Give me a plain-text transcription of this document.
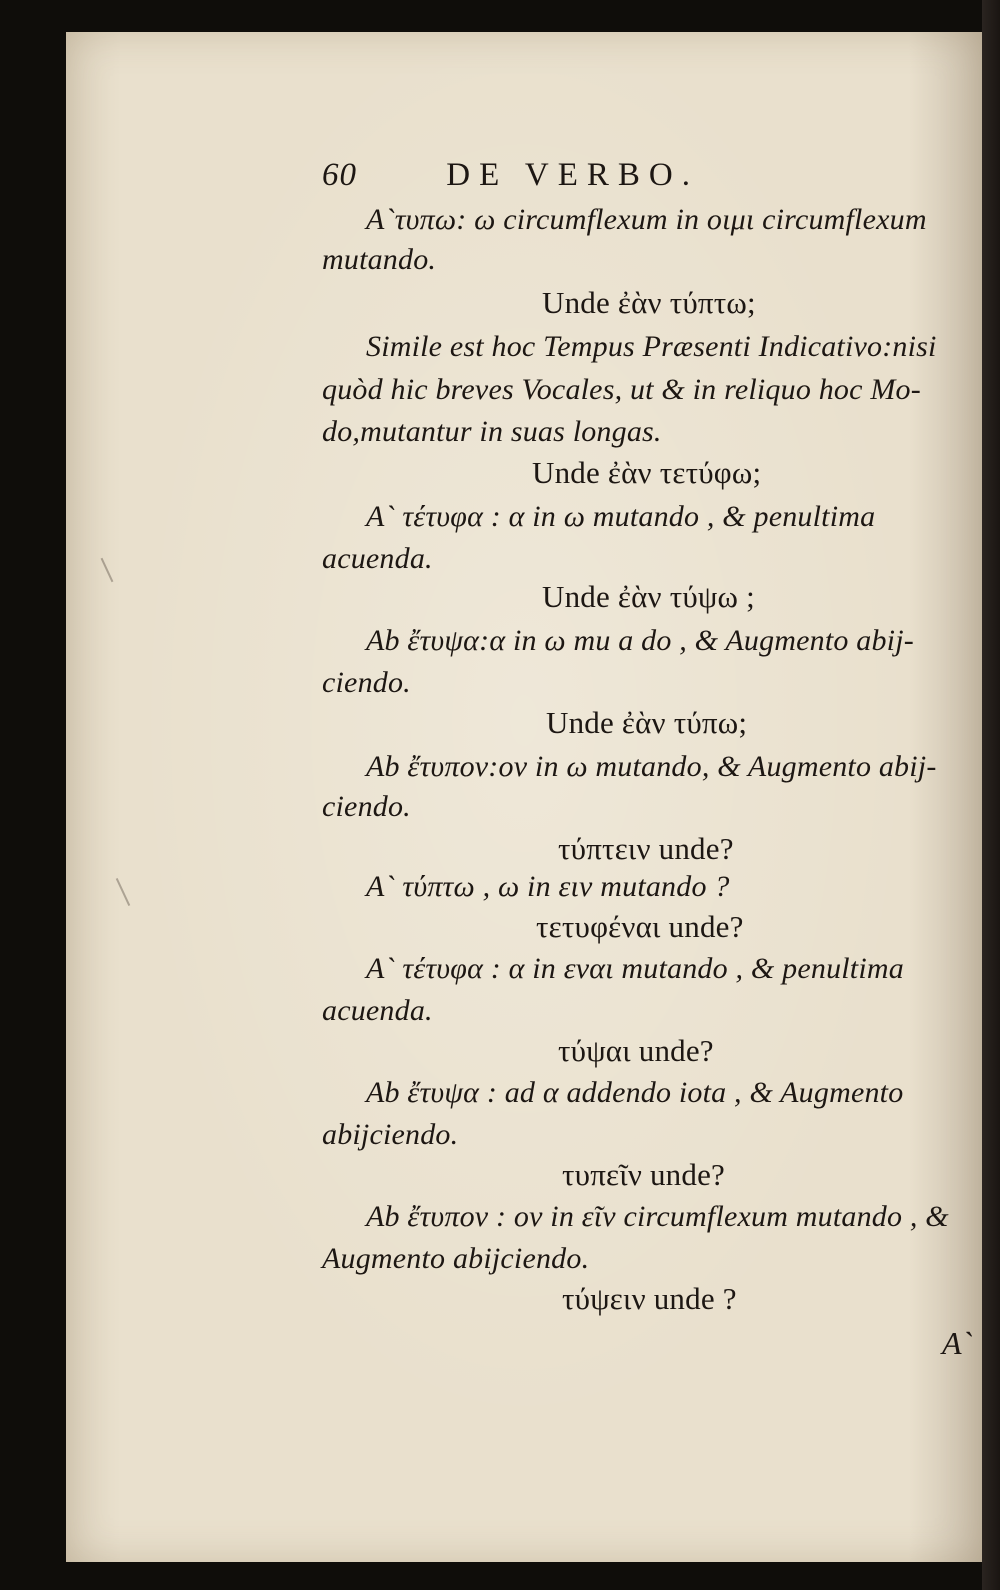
60	DE VERBO.
Α`τυπω: ω circumflexum in οιμι circumflexum
mutando.
Unde ἐὰν τύπτω;
Simile est hoc Tempus Præsenti Indicativo:nisi
quòd hic breves Vocales, ut & in reliquo hoc Mo-
do,mutantur in suas longas.
Unde ἐὰν τετύφω;
A` τέτυφα : α in ω mutando , & penultima
acuenda.
Unde ἐὰν τύψω ;
Ab ἔτυψα:α in ω mu a do , & Augmento abij-
ciendo.
Unde ἐὰν τύπω;
Ab ἔτυπον:ον in ω mutando, & Augmento abij-
ciendo.
τύπτειν unde?
A` τύπτω , ω in ειν mutando ?
τετυφέναι unde?
A` τέτυφα : α in εναι mutando , & penultima
acuenda.
τύψαι unde?
Ab ἔτυψα : ad α addendo iota , & Augmento
abijciendo.
τυπεῖν unde?
Ab ἔτυπον : ον in εῖν circumflexum mutando , &
Augmento abijciendo.
τύψειν unde ?
A`
